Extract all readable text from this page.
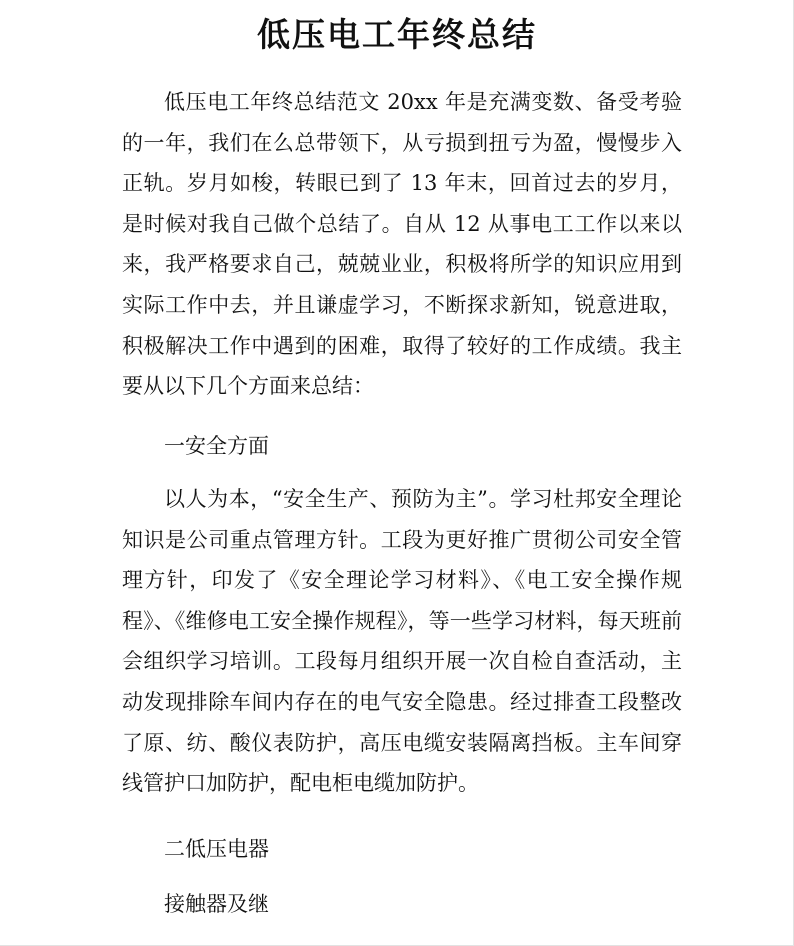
低压电工年终总结

低压电工年终总结范文 20xx 年是充满变数、备受考验的一年，我们在么总带领下，从亏损到扭亏为盈，慢慢步入正轨。岁月如梭，转眼已到了 13 年末，回首过去的岁月，是时候对我自己做个总结了。自从 12 从事电工工作以来以来，我严格要求自己，兢兢业业，积极将所学的知识应用到实际工作中去，并且谦虚学习，不断探求新知，锐意进取，积极解决工作中遇到的困难，取得了较好的工作成绩。我主要从以下几个方面来总结：

一安全方面

以人为本，“安全生产、预防为主”。学习杜邦安全理论知识是公司重点管理方针。工段为更好推广贯彻公司安全管理方针，印发了《安全理论学习材料》、《电工安全操作规程》、《维修电工安全操作规程》，等一些学习材料，每天班前会组织学习培训。工段每月组织开展一次自检自查活动，主动发现排除车间内存在的电气安全隐患。经过排查工段整改了原、纺、酸仪表防护，高压电缆安装隔离挡板。主车间穿线管护口加防护，配电柜电缆加防护。

二低压电器

接触器及继
